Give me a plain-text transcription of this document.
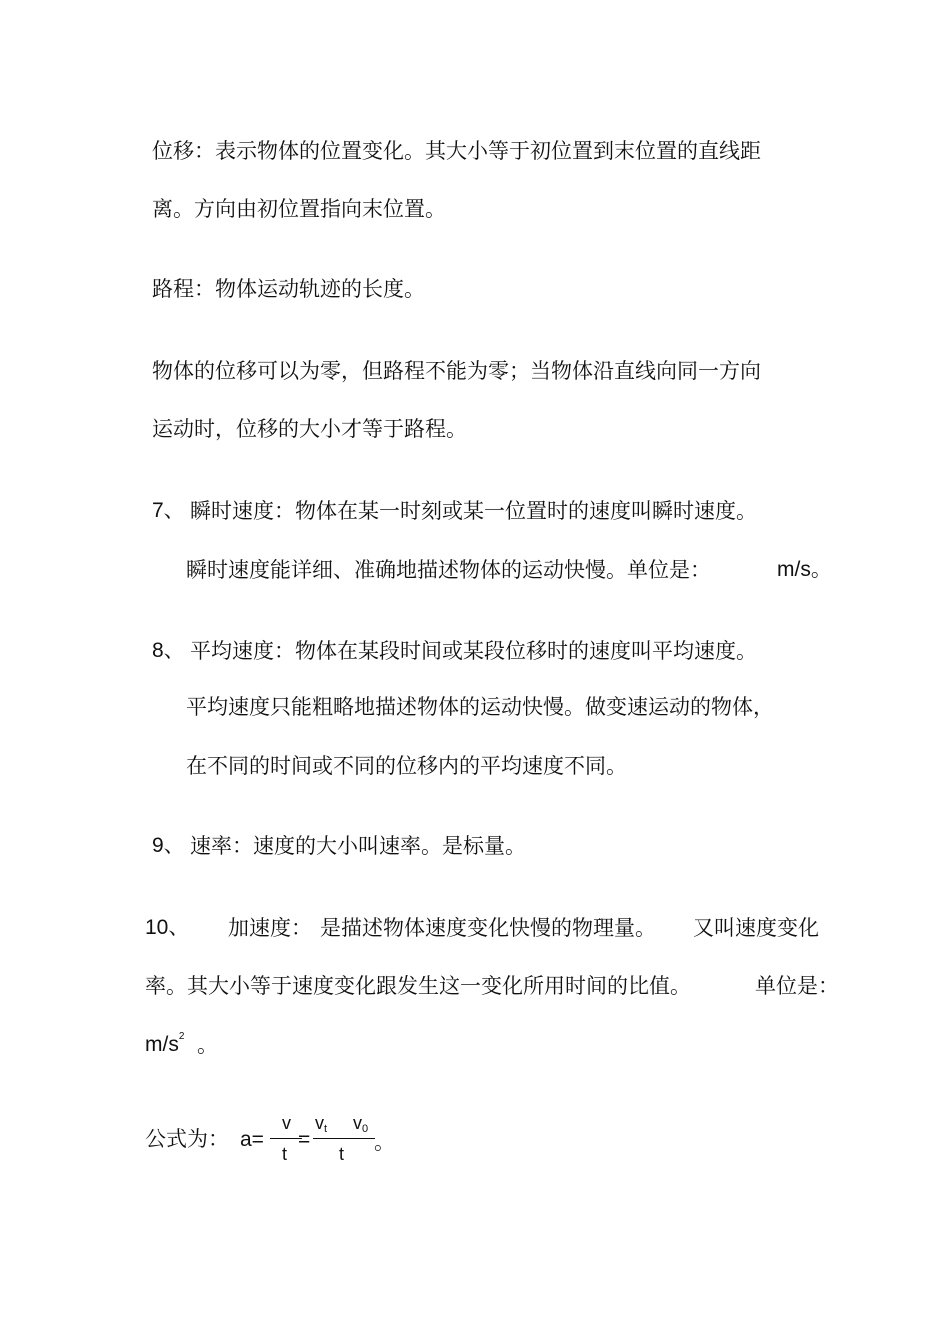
位移：表示物体的位置变化。其大小等于初位置到末位置的直线距
离。方向由初位置指向末位置。
路程：物体运动轨迹的长度。
物体的位移可以为零，但路程不能为零；当物体沿直线向同一方向
运动时，位移的大小才等于路程。
7、 瞬时速度：物体在某一时刻或某一位置时的速度叫瞬时速度。
瞬时速度能详细、准确地描述物体的运动快慢。单位是：	m/s。
8、 平均速度：物体在某段时间或某段位移时的速度叫平均速度。
平均速度只能粗略地描述物体的运动快慢。做变速运动的物体，
在不同的时间或不同的位移内的平均速度不同。
9、 速率：速度的大小叫速率。是标量。
10、 加速度： 是描述物体速度变化快慢的物理量。 又叫速度变化
率。其大小等于速度变化跟发生这一变化所用时间的比值。	单位是：
$m/s^2$ 。
公式为： a=
v
t
=
vt v0
t 。
